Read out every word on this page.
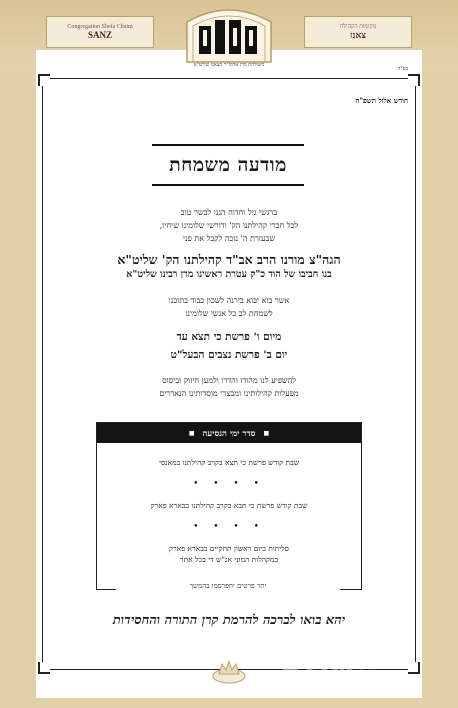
Congregation Shefa Chaim
SANZ
מקומות הקהילה
צאנז
בס"ד
חודש אלול תשפ"ה
מודעה משמחת
ברגשי גיל וחדוה הננו לבשר טוב
לכל חברי קהילתנו הק' ודורשי שלומינו שיחיו,
שבעזרת ה' נזכה לקבל את פני
הגה"צ מורנו הרב אב"ד קהילתנו הק' שליט"א
בנו חביבו של הוד כ"ק עטרת ראשינו מרן רבינו שליט"א
אשר בוא יבוא בירנה לשכון כבוד בתוכנו
לשמחת לב כל אנשי שלומינו
מיום ו' פרשת כי תצא עד
יום ב' פרשת נצבים הבעל"ט
להשפיע לנו מהודו והדרו ולמען חיזוק וביסוס
מפעלות קהילותינו ומבצרי מוסדותינו הנאדרים
■ סדר ימי הנסיעה ■
שבת קודש פרשת כי תצא בקרב קהילתנו במאנסי
• • • •
שבת קודש פרשת כי תבא בקרב קהילתנו בבארא פארק
• • • •
סליחות ביום ראשון תתקיים בבארא פארק
במקהלות המוני אנ"ש די בכל אתר
יתר פרטים יתפרסמו בהמשך
יהא בואו לברכה להרמת קרן התורה והחסידות
משולחת מרן אדמו"ר מצאנז שליט"א
BDN אידיש
נייעס
